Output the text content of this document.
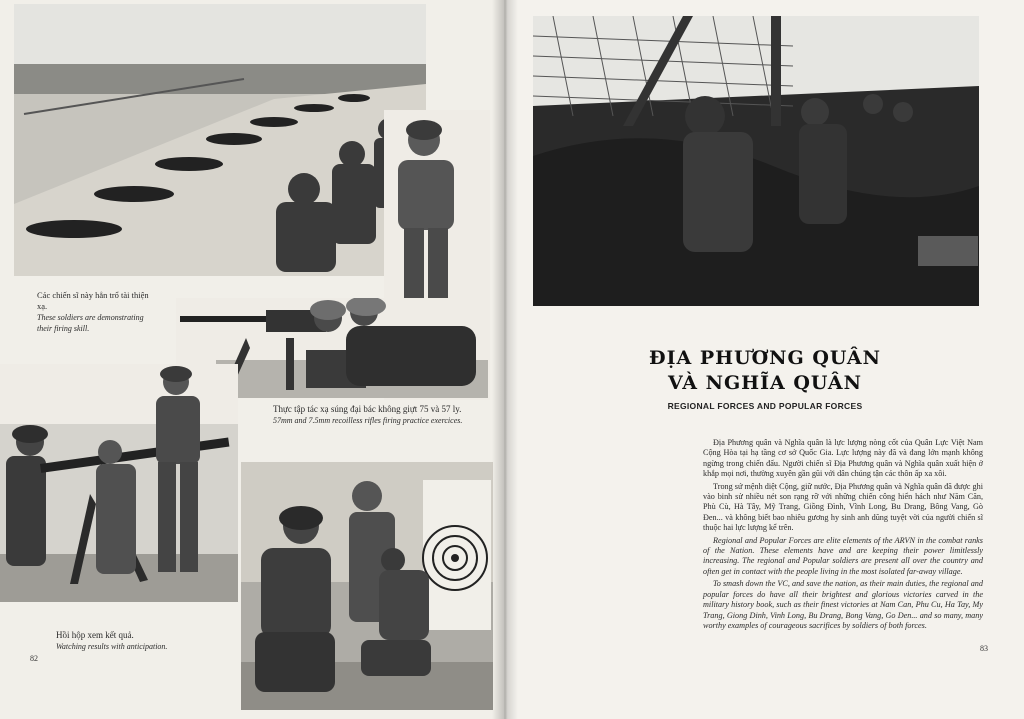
Các chiến sĩ này hẳn trổ tài thiện xạ.
These soldiers are demonstrating their firing skill.
Thực tập tác xạ súng đại bác không giựt 75 và 57 ly.
57mm and 7.5mm recoilless rifles firing practice exercices.
Hồi hộp xem kết quả.
Watching results with anticipation.
82
ĐỊA PHƯƠNG QUÂN
VÀ NGHĨA QUÂN
REGIONAL FORCES AND POPULAR FORCES

Địa Phương quân và Nghĩa quân là lực lượng nòng cốt của Quân Lực Việt Nam Cộng Hòa tại hạ tầng cơ sở Quốc Gia. Lực lượng này đã và đang lớn mạnh không ngừng trong chiến đấu. Người chiến sĩ Địa Phương quân và Nghĩa quân xuất hiện ở khắp mọi nơi, thường xuyên gần gũi với dân chúng tận các thôn ấp xa xôi.

Trong sứ mệnh diệt Cộng, giữ nước, Địa Phương quân và Nghĩa quân đã được ghi vào binh sử nhiều nét son rạng rỡ với những chiến công hiển hách như Năm Căn, Phù Cù, Hà Tây, Mỹ Trang, Giồng Đình, Vĩnh Long, Bu Drang, Bông Vang, Gò Đen... và không biết bao nhiêu gương hy sinh anh dũng tuyệt vời của người chiến sĩ thuộc hai lực lượng kể trên.

Regional and Popular Forces are elite elements of the ARVN in the combat ranks of the Nation. These elements have and are keeping their power limitlessly increasing. The regional and Popular soldiers are present all over the country and often get in contact with the people living in the most isolated far-away village.

To smash down the VC, and save the nation, as their main duties, the regional and popular forces do have all their brightest and glorious victories carved in the military history book, such as their finest victories at Nam Can, Phu Cu, Ha Tay, My Trang, Giong Dinh, Vinh Long, Bu Drang, Bong Vang, Go Den... and so many, many worthy examples of courageous sacrifices by soldiers of both forces.

83
